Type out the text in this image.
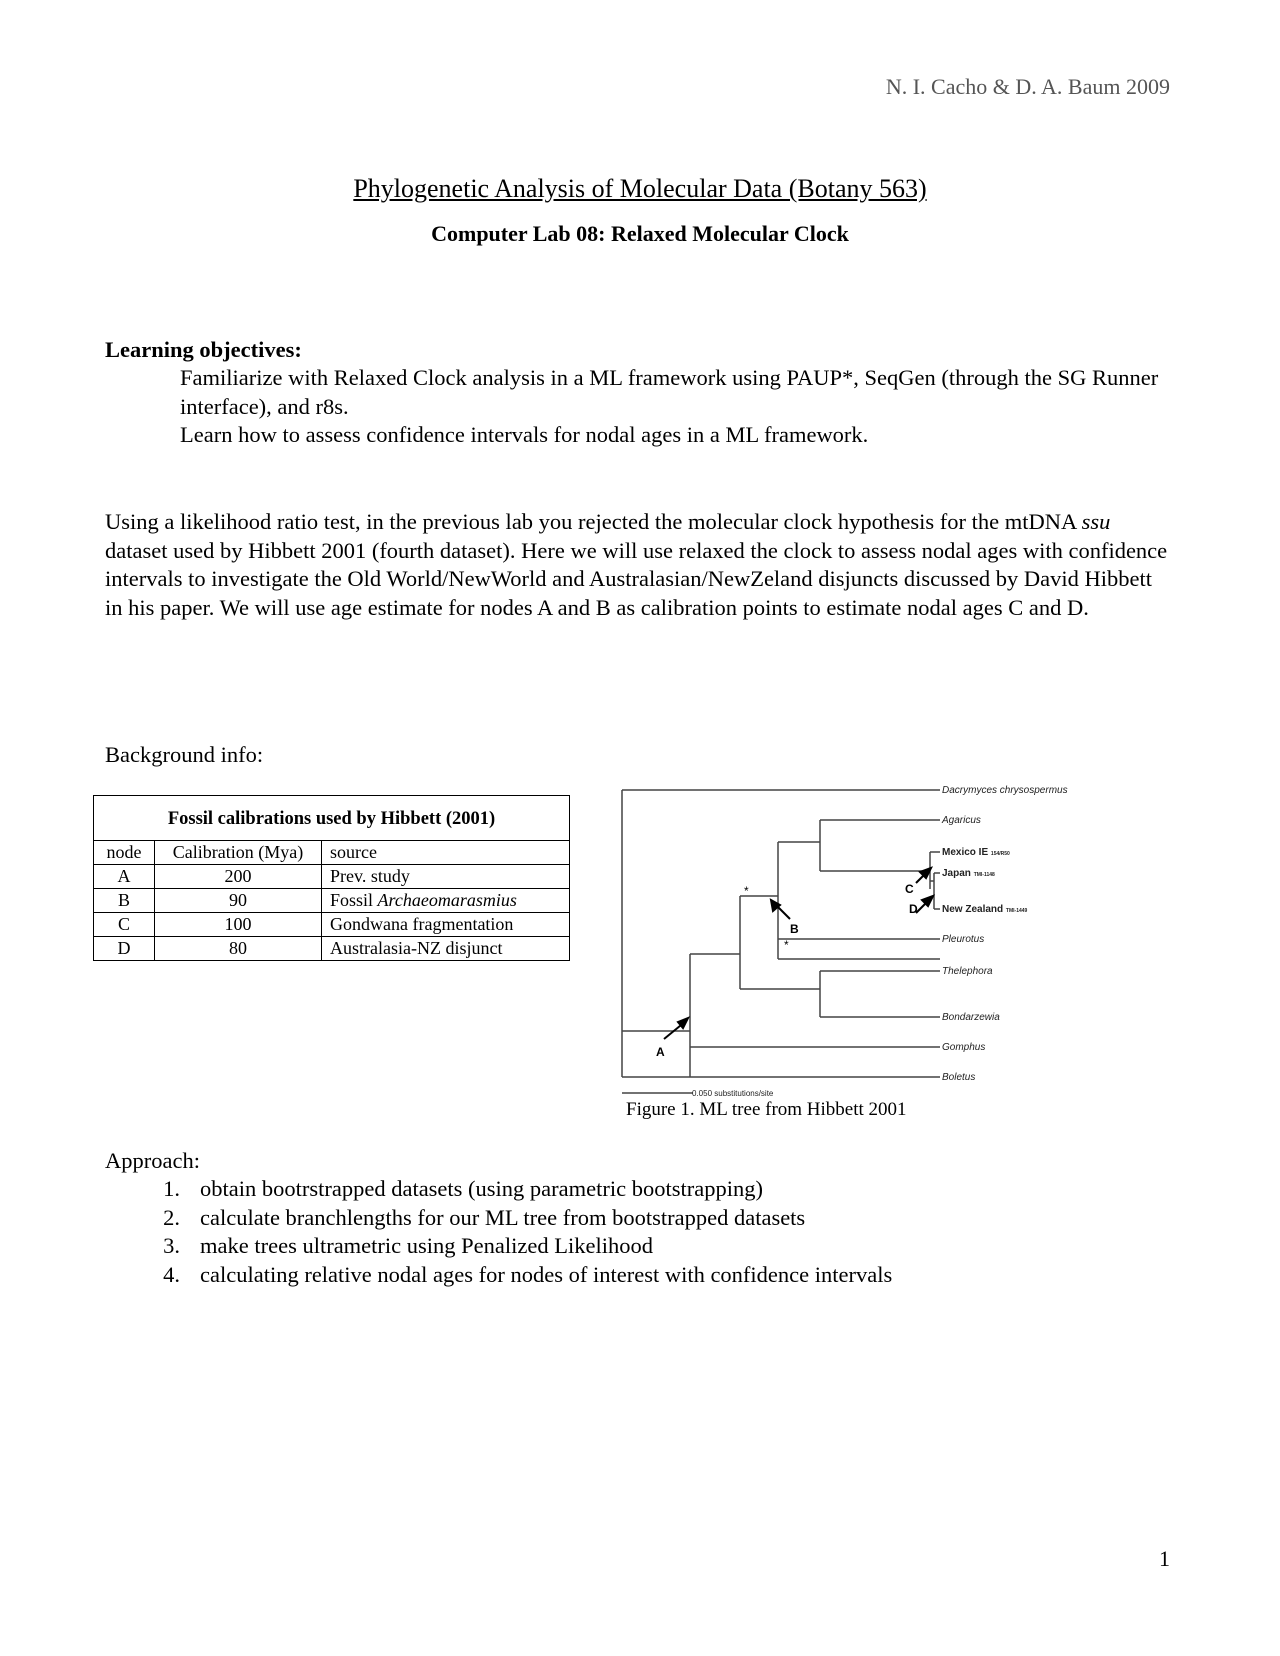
N. I. Cacho & D. A. Baum 2009
Phylogenetic Analysis of Molecular Data (Botany 563)
Computer Lab 08: Relaxed Molecular Clock
Learning objectives:
Familiarize with Relaxed Clock analysis in a ML framework using PAUP*, SeqGen (through the SG Runner interface), and r8s.
Learn how to assess confidence intervals for nodal ages in a ML framework.

Using a likelihood ratio test, in the previous lab you rejected the molecular clock hypothesis for the mtDNA ssu dataset used by Hibbett 2001 (fourth dataset). Here we will use relaxed the clock to assess nodal ages with confidence intervals to investigate the Old World/NewWorld and Australasian/NewZeland disjuncts discussed by David Hibbett in his paper. We will use age estimate for nodes A and B as calibration points to estimate nodal ages C and D.

Background info:
Fossil calibrations used by Hibbett (2001)
node	Calibration (Mya)	source
A	200	Prev. study
B	90	Fossil Archaeomarasmius
C	100	Gondwana fragmentation
D	80	Australasia-NZ disjunct
Dacrymyces chrysospermus
Agaricus
Mexico IE 154/R50
Japan TMI-1148
New Zealand TMI-1449
Pleurotus
Thelephora
Bondarzewia
Gomphus
Boletus
A
B
C
D
*
*
0.050 substitutions/site
Figure 1. ML tree from Hibbett 2001
Approach:
1. obtain bootrstrapped datasets (using parametric bootstrapping)
2. calculate branchlengths for our ML tree from bootstrapped datasets
3. make trees ultrametric using Penalized Likelihood
4. calculating relative nodal ages for nodes of interest with confidence intervals
1
